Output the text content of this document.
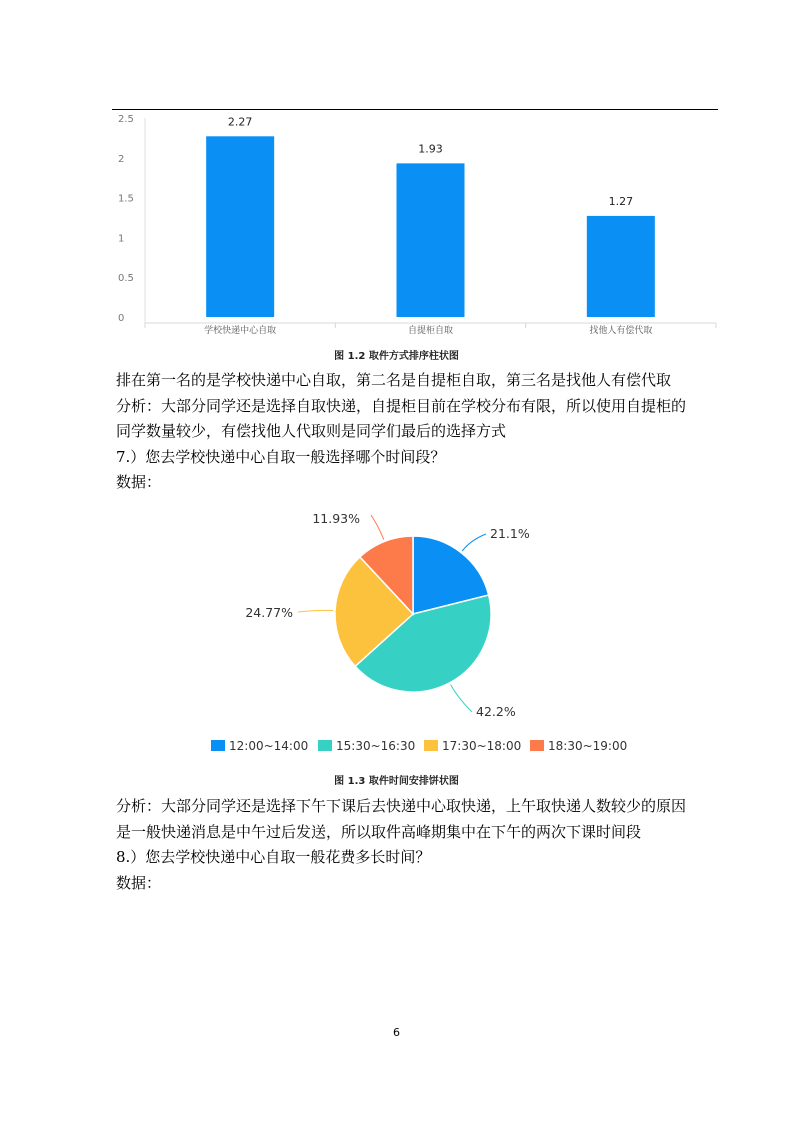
0
0.5
1
1.5
2
2.5	2.27
学校快递中心自取
1.93
自提柜自取
1.27
找他人有偿代取
图 1.2 取件方式排序柱状图

排在第一名的是学校快递中心自取，第二名是自提柜自取，第三名是找他人有偿代取

分析：大部分同学还是选择自取快递，自提柜目前在学校分布有限，所以使用自提柜的

同学数量较少，有偿找他人代取则是同学们最后的选择方式

7.）您去学校快递中心自取一般选择哪个时间段？

数据：

21.1%
42.2%
24.77%
11.93%
12:00~14:00 15:30~16:30 17:30~18:00 18:30~19:00
图 1.3 取件时间安排饼状图

分析：大部分同学还是选择下午下课后去快递中心取快递，上午取快递人数较少的原因

是一般快递消息是中午过后发送，所以取件高峰期集中在下午的两次下课时间段

8.）您去学校快递中心自取一般花费多长时间？

数据：

6
